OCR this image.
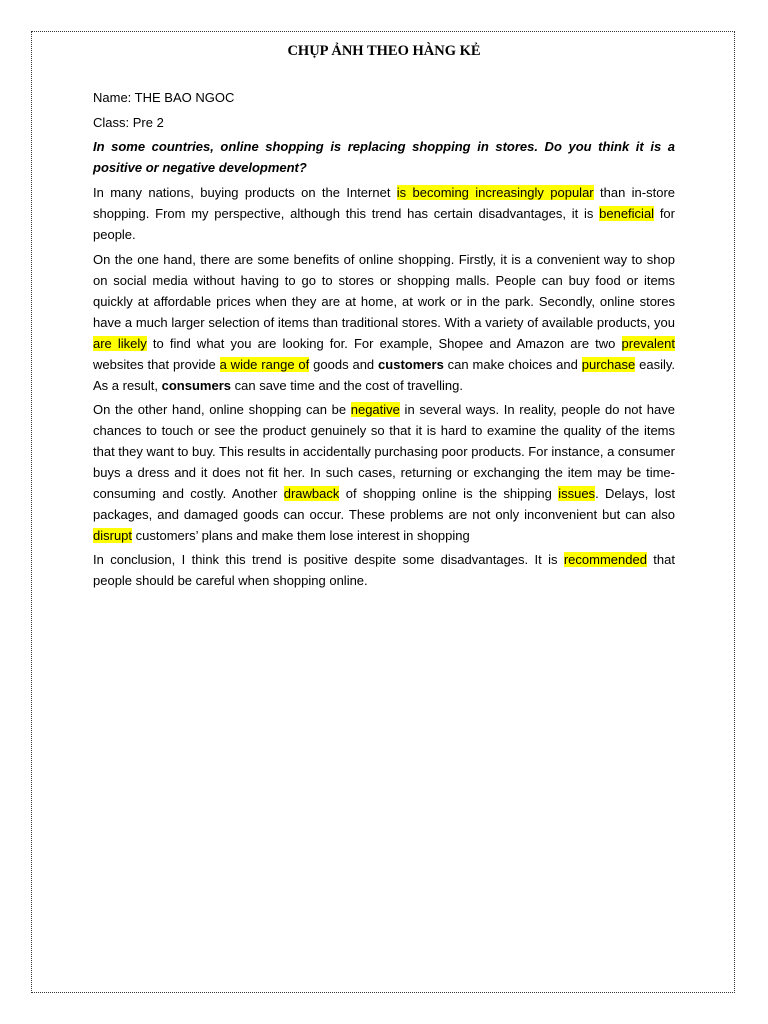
CHỤP ẢNH THEO HÀNG KẺ
Name: THE BAO NGOC
Class: Pre 2

In some countries, online shopping is replacing shopping in stores. Do you think it is a positive or negative development?

In many nations, buying products on the Internet is becoming increasingly popular than in-store shopping. From my perspective, although this trend has certain disadvantages, it is beneficial for people.

On the one hand, there are some benefits of online shopping. Firstly, it is a convenient way to shop on social media without having to go to stores or shopping malls. People can buy food or items quickly at affordable prices when they are at home, at work or in the park. Secondly, online stores have a much larger selection of items than traditional stores. With a variety of available products, you are likely to find what you are looking for. For example, Shopee and Amazon are two prevalent websites that provide a wide range of goods and customers can make choices and purchase easily. As a result, consumers can save time and the cost of travelling.

On the other hand, online shopping can be negative in several ways. In reality, people do not have chances to touch or see the product genuinely so that it is hard to examine the quality of the items that they want to buy. This results in accidentally purchasing poor products. For instance, a consumer buys a dress and it does not fit her. In such cases, returning or exchanging the item may be time-consuming and costly. Another drawback of shopping online is the shipping issues. Delays, lost packages, and damaged goods can occur. These problems are not only inconvenient but can also disrupt customers’ plans and make them lose interest in shopping

In conclusion, I think this trend is positive despite some disadvantages. It is recommended that people should be careful when shopping online.
